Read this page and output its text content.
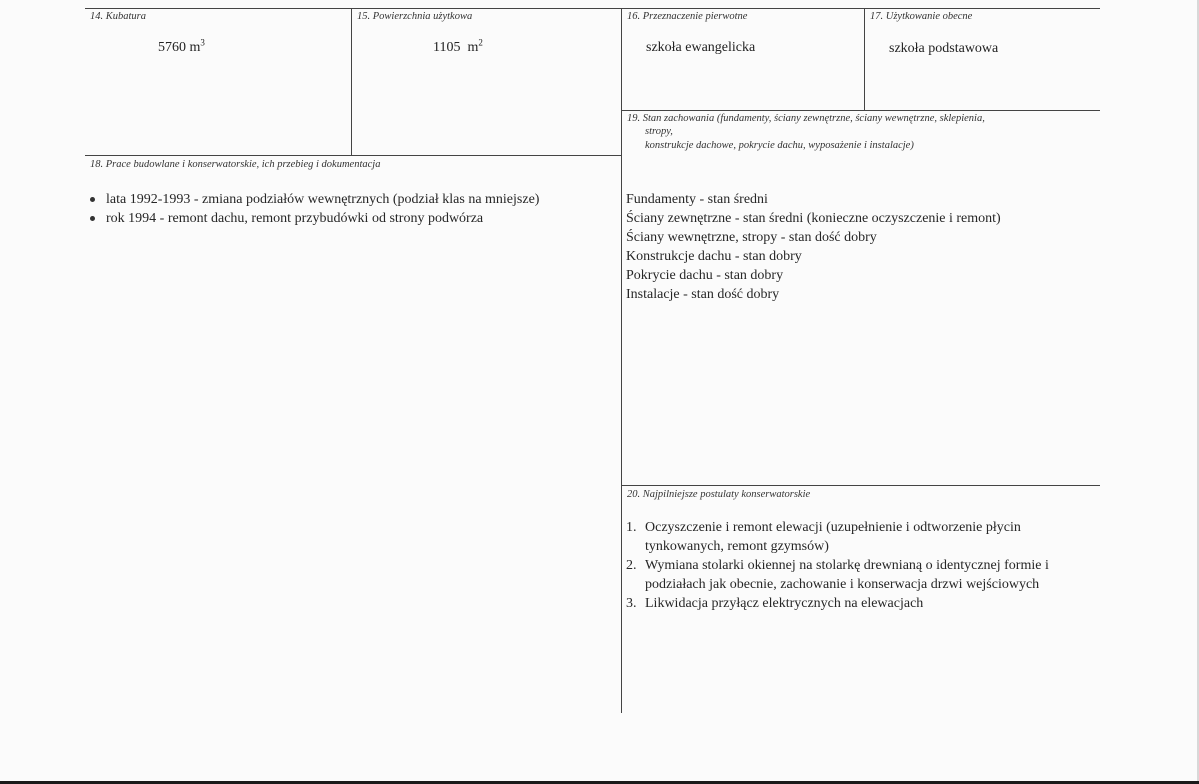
14. Kubatura
5760 $m^3$
15. Powierzchnia użytkowa
1105  $m^2$
16. Przeznaczenie pierwotne
szkoła ewangelicka
17. Użytkowanie obecne
szkoła podstawowa
18. Prace budowlane i konserwatorskie, ich przebieg i dokumentacja
lata 1992-1993 - zmiana podziałów wewnętrznych (podział klas na mniejsze)
rok 1994 - remont dachu, remont przybudówki od strony podwórza
19. Stan zachowania (fundamenty, ściany zewnętrzne, ściany wewnętrzne, sklepienia,
stropy,
konstrukcje dachowe, pokrycie dachu, wyposażenie i instalacje)
Fundamenty - stan średni
Ściany zewnętrzne - stan średni (konieczne oczyszczenie i remont)
Ściany wewnętrzne, stropy - stan dość dobry
Konstrukcje dachu - stan dobry
Pokrycie dachu - stan dobry
Instalacje - stan dość dobry
20. Najpilniejsze postulaty konserwatorskie
1. Oczyszczenie i remont elewacji (uzupełnienie i odtworzenie płycin
tynkowanych, remont gzymsów)
2. Wymiana stolarki okiennej na stolarkę drewnianą o identycznej formie i
podziałach jak obecnie, zachowanie i konserwacja drzwi wejściowych
3. Likwidacja przyłącz elektrycznych na elewacjach
